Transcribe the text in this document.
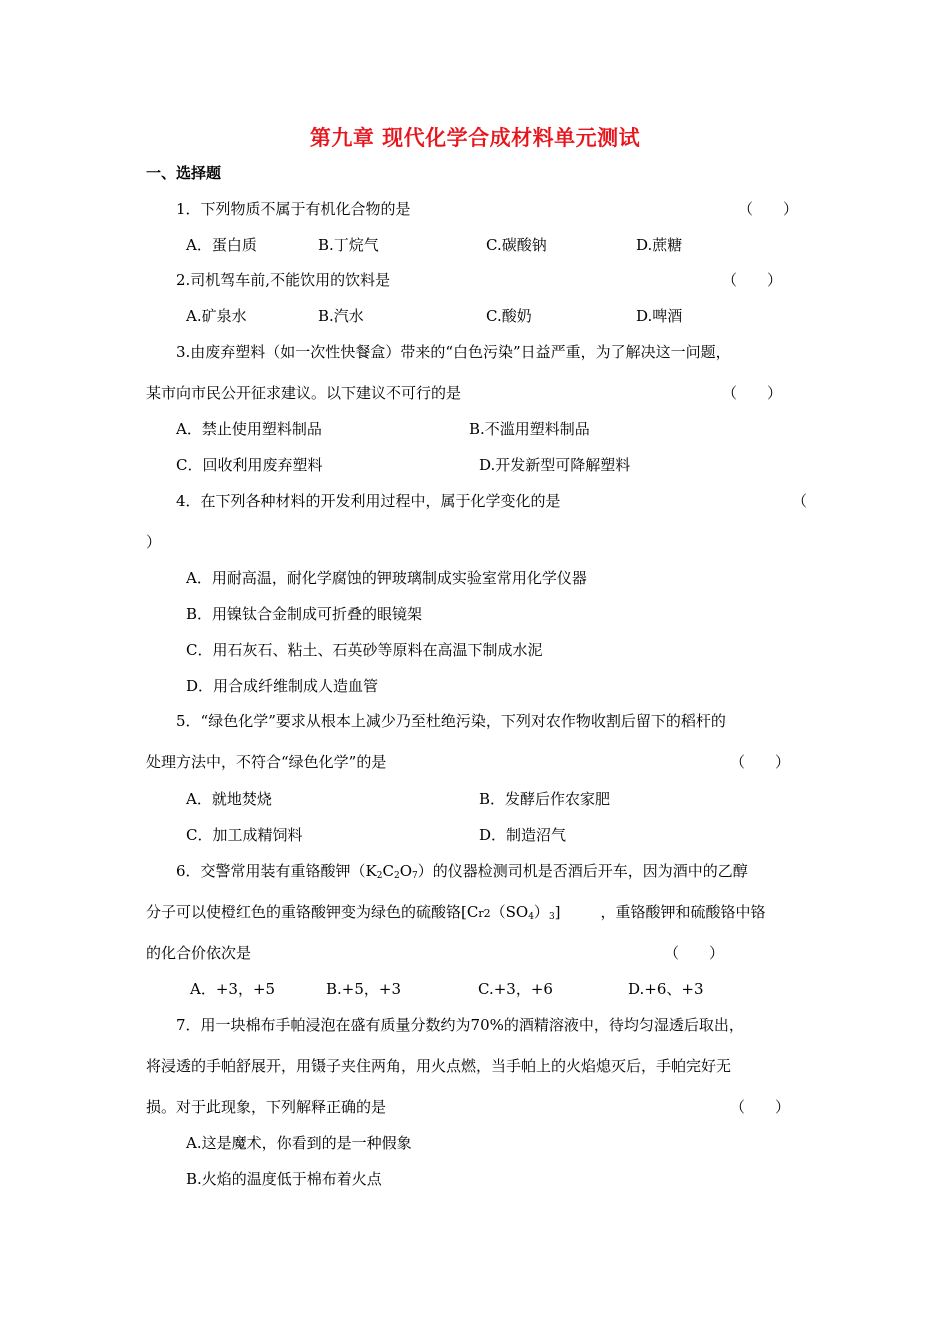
第九章 现代化学合成材料单元测试
一、选择题
1．下列物质不属于有机化合物的是	（　　）
A．蛋白质	B.丁烷气	C.碳酸钠	D.蔗糖
2.司机驾车前,不能饮用的饮料是	（　　）
A.矿泉水	B.汽水	C.酸奶	D.啤酒
3.由废弃塑料（如一次性快餐盒）带来的“白色污染”日益严重，为了解决这一问题，
某市向市民公开征求建议。以下建议不可行的是	（　　）
A．禁止使用塑料制品	B.不滥用塑料制品
C．回收利用废弃塑料	D.开发新型可降解塑料
4．在下列各种材料的开发利用过程中，属于化学变化的是	（
）
A．用耐高温，耐化学腐蚀的钾玻璃制成实验室常用化学仪器
B．用镍钛合金制成可折叠的眼镜架
C．用石灰石、粘土、石英砂等原料在高温下制成水泥
D．用合成纤维制成人造血管
5．“绿色化学”要求从根本上减少乃至杜绝污染，下列对农作物收割后留下的稻杆的
处理方法中，不符合“绿色化学”的是	（　　）
A．就地焚烧	B．发酵后作农家肥
C．加工成精饲料	D．制造沼气
6．交警常用装有重铬酸钾$(K_2C_2O_7)$的仪器检测司机是否酒后开车，因为酒中的乙醇
分子可以使橙红色的重铬酸钾变为绿色的硫酸铬$[Cr2(SO_4)_3]$	，重铬酸钾和硫酸铬中铬
的化合价依次是	（　　）
A．+3，+5	B.+5，+3	C.+3，+6	D.+6、+3
7．用一块棉布手帕浸泡在盛有质量分数约为70%的酒精溶液中，待均匀湿透后取出，
将浸透的手帕舒展开，用镊子夹住两角，用火点燃，当手帕上的火焰熄灭后，手帕完好无
损。对于此现象，下列解释正确的是	（　　）
A.这是魔术，你看到的是一种假象
B.火焰的温度低于棉布着火点
